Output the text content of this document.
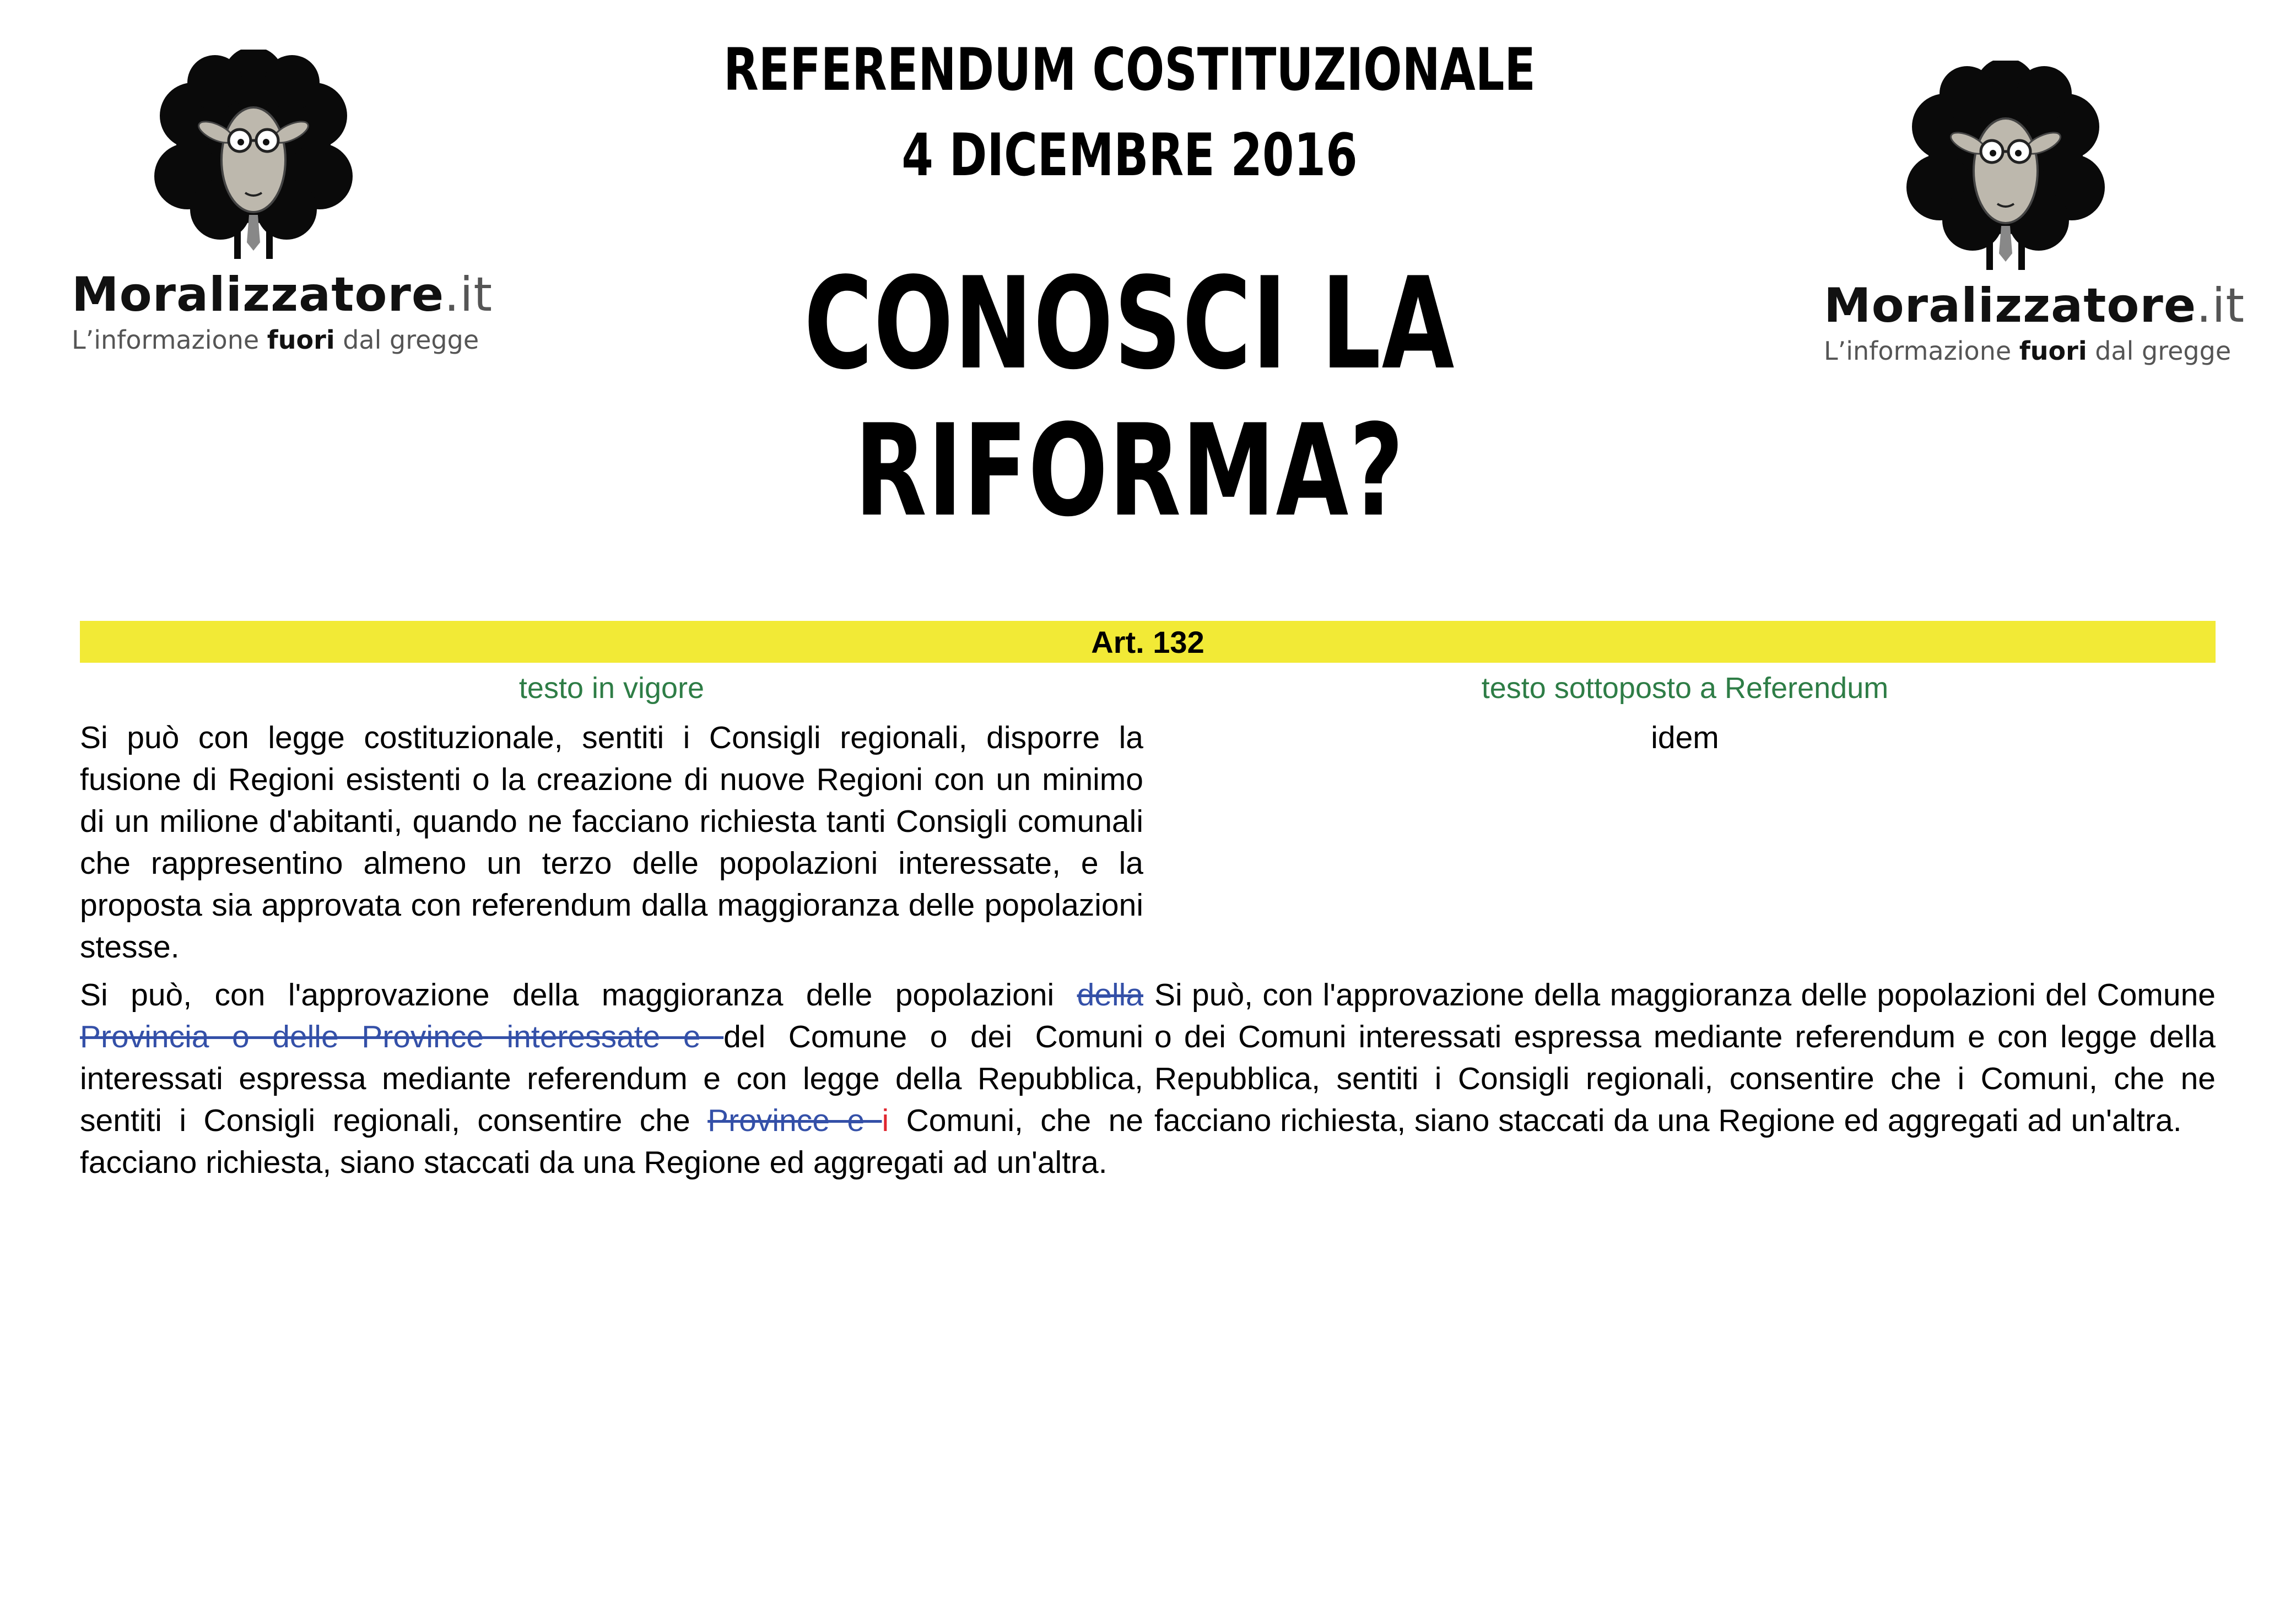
Moralizzatore.it
L’informazione fuori dal gregge
Moralizzatore.it
L’informazione fuori dal gregge
REFERENDUM COSTITUZIONALE
4 DICEMBRE 2016
CONOSCI LA RIFORMA?
Art. 132
testo in vigore	testo sottoposto a Referendum
Si può con legge costituzionale, sentiti i Consigli regionali, disporre la fusione di Regioni esistenti o la creazione di nuove Regioni con un minimo di un milione d'abitanti, quando ne facciano richiesta tanti Consigli comunali che rappresentino almeno un terzo delle popolazioni interessate, e la proposta sia approvata con referendum dalla maggioranza delle popolazioni stesse.
idem
Si può, con l'approvazione della maggioranza delle popolazioni della Provincia o delle Province interessate e del Comune o dei Comuni interessati espressa mediante referendum e con legge della Repubblica, sentiti i Consigli regionali, consentire che Province e i Comuni, che ne facciano richiesta, siano staccati da una Regione ed aggregati ad un'altra.
Si può, con l'approvazione della maggioranza delle popolazioni del Comune o dei Comuni interessati espressa mediante referendum e con legge della Repubblica, sentiti i Consigli regionali, consentire che i Comuni, che ne facciano richiesta, siano staccati da una Regione ed aggregati ad un'altra.
